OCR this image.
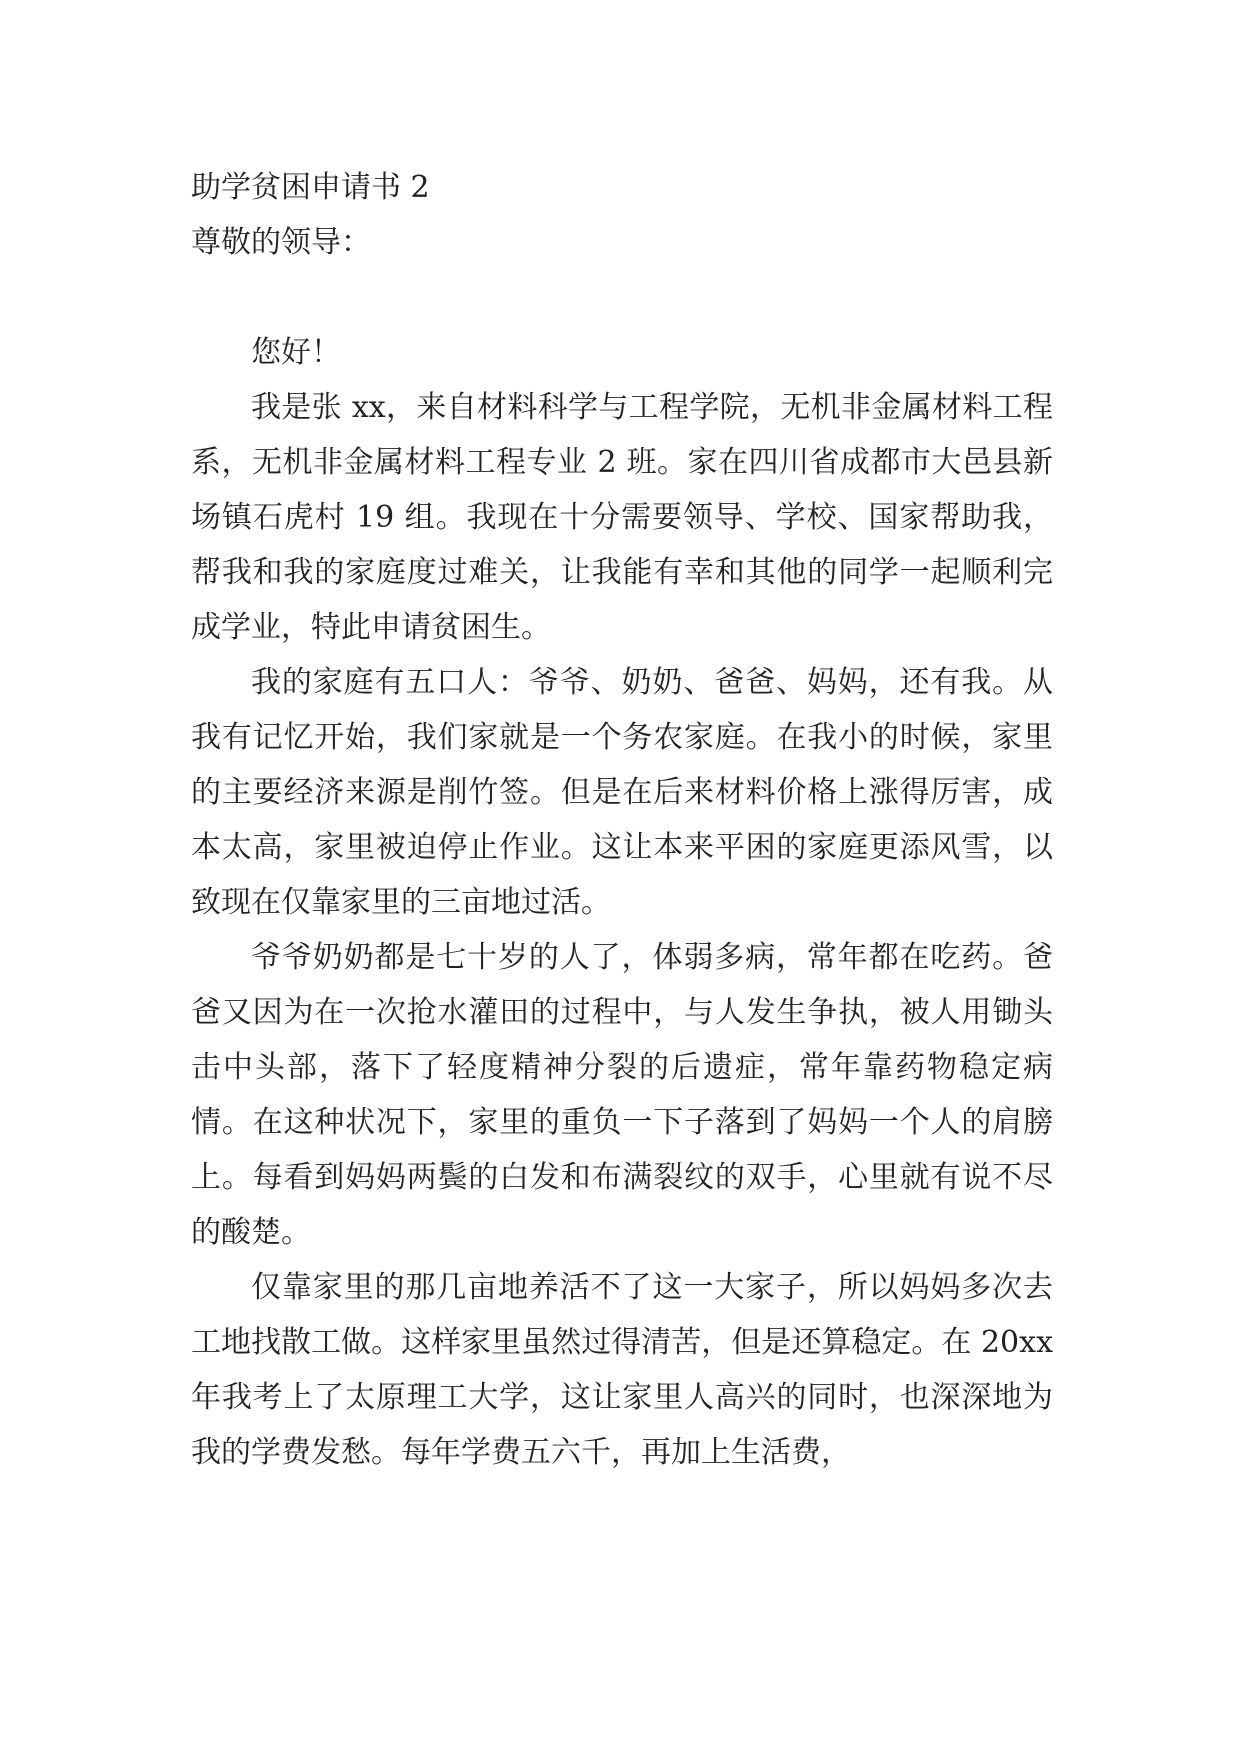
助学贫困申请书 2
尊敬的领导：
您好！

我是张 xx，来自材料科学与工程学院，无机非金属材料工程系，无机非金属材料工程专业 2 班。家在四川省成都市大邑县新场镇石虎村 19 组。我现在十分需要领导、学校、国家帮助我，帮我和我的家庭度过难关，让我能有幸和其他的同学一起顺利完成学业，特此申请贫困生。

我的家庭有五口人：爷爷、奶奶、爸爸、妈妈，还有我。从我有记忆开始，我们家就是一个务农家庭。在我小的时候，家里的主要经济来源是削竹签。但是在后来材料价格上涨得厉害，成本太高，家里被迫停止作业。这让本来平困的家庭更添风雪，以致现在仅靠家里的三亩地过活。

爷爷奶奶都是七十岁的人了，体弱多病，常年都在吃药。爸爸又因为在一次抢水灌田的过程中，与人发生争执，被人用锄头击中头部，落下了轻度精神分裂的后遗症，常年靠药物稳定病情。在这种状况下，家里的重负一下子落到了妈妈一个人的肩膀上。每看到妈妈两鬓的白发和布满裂纹的双手，心里就有说不尽的酸楚。

仅靠家里的那几亩地养活不了这一大家子，所以妈妈多次去工地找散工做。这样家里虽然过得清苦，但是还算稳定。在 20xx 年我考上了太原理工大学，这让家里人高兴的同时，也深深地为我的学费发愁。每年学费五六千，再加上生活费，
